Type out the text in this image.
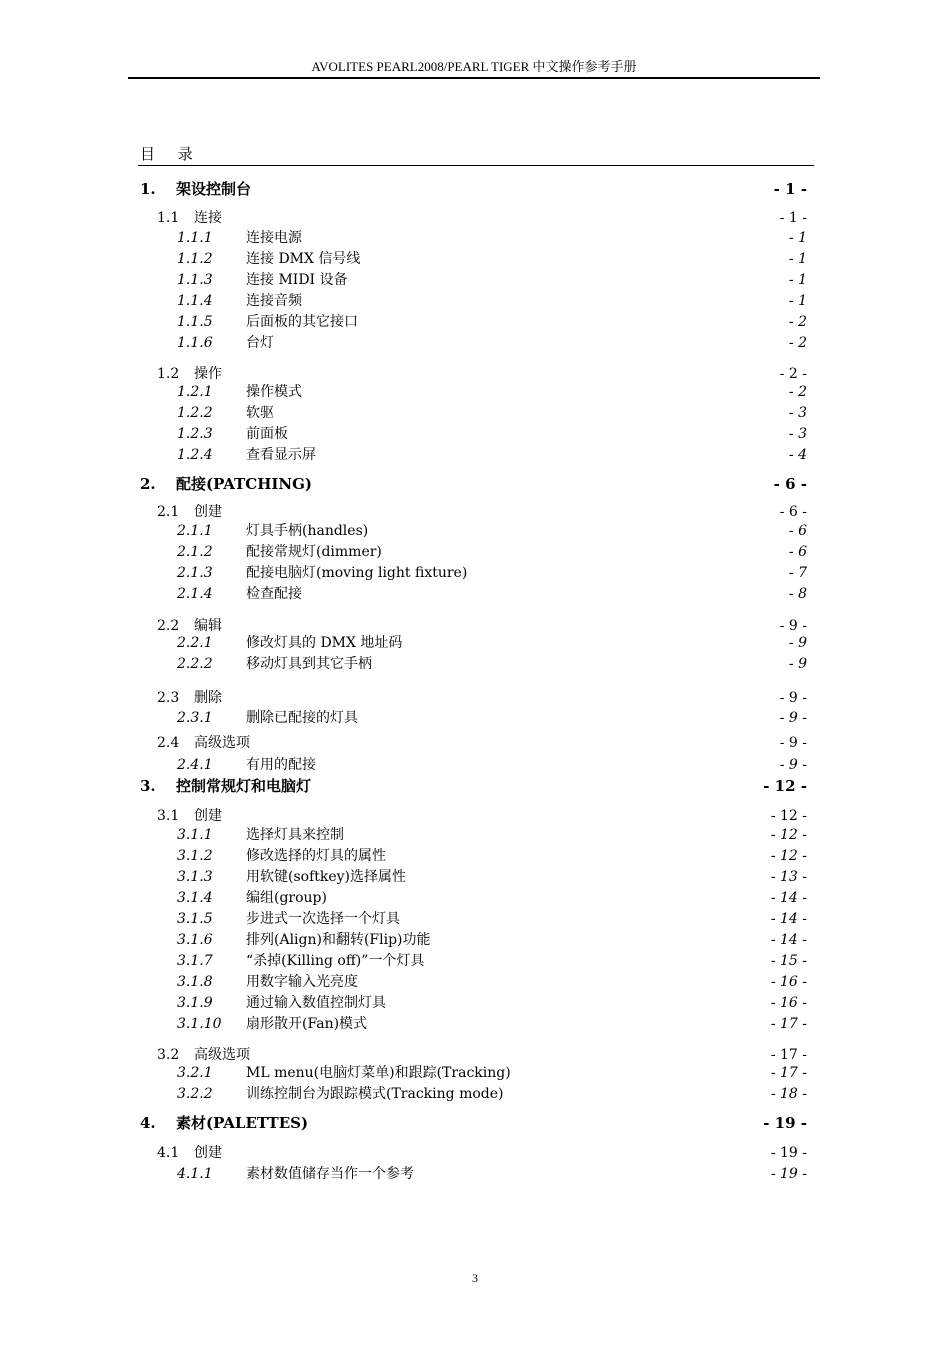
AVOLITES PEARL2008/PEARL TIGER 中文操作参考手册
目 录
1. 架设控制台	- 1 -
1.1 连接	- 1 -
1.1.1 连接电源	- 1
1.1.2 连接 DMX 信号线	- 1
1.1.3 连接 MIDI 设备	- 1
1.1.4 连接音频	- 1
1.1.5 后面板的其它接口	- 2
1.1.6 台灯	- 2
1.2 操作	- 2 -
1.2.1 操作模式	- 2
1.2.2 软驱	- 3
1.2.3 前面板	- 3
1.2.4 查看显示屏	- 4
2. 配接(PATCHING)	- 6 -
2.1 创建	- 6 -
2.1.1 灯具手柄(handles)	- 6
2.1.2 配接常规灯(dimmer)	- 6
2.1.3 配接电脑灯(moving light fixture)	- 7
2.1.4 检查配接	- 8
2.2 编辑	- 9 -
2.2.1 修改灯具的 DMX 地址码	- 9
2.2.2 移动灯具到其它手柄	- 9
2.3 删除	- 9 -
2.3.1 删除已配接的灯具	- 9 -
2.4 高级选项	- 9 -
2.4.1 有用的配接	- 9 -
3. 控制常规灯和电脑灯	- 12 -
3.1 创建	- 12 -
3.1.1 选择灯具来控制	- 12 -
3.1.2 修改选择的灯具的属性	- 12 -
3.1.3 用软键(softkey)选择属性	- 13 -
3.1.4 编组(group)	- 14 -
3.1.5 步进式一次选择一个灯具	- 14 -
3.1.6 排列(Align)和翻转(Flip)功能	- 14 -
3.1.7 “杀掉(Killing off)”一个灯具	- 15 -
3.1.8 用数字输入光亮度	- 16 -
3.1.9 通过输入数值控制灯具	- 16 -
3.1.10 扇形散开(Fan)模式	- 17 -
3.2 高级选项	- 17 -
3.2.1 ML menu(电脑灯菜单)和跟踪(Tracking)	- 17 -
3.2.2 训练控制台为跟踪模式(Tracking mode)	- 18 -
4. 素材(PALETTES)	- 19 -
4.1 创建	- 19 -
4.1.1 素材数值储存当作一个参考	- 19 -
3
